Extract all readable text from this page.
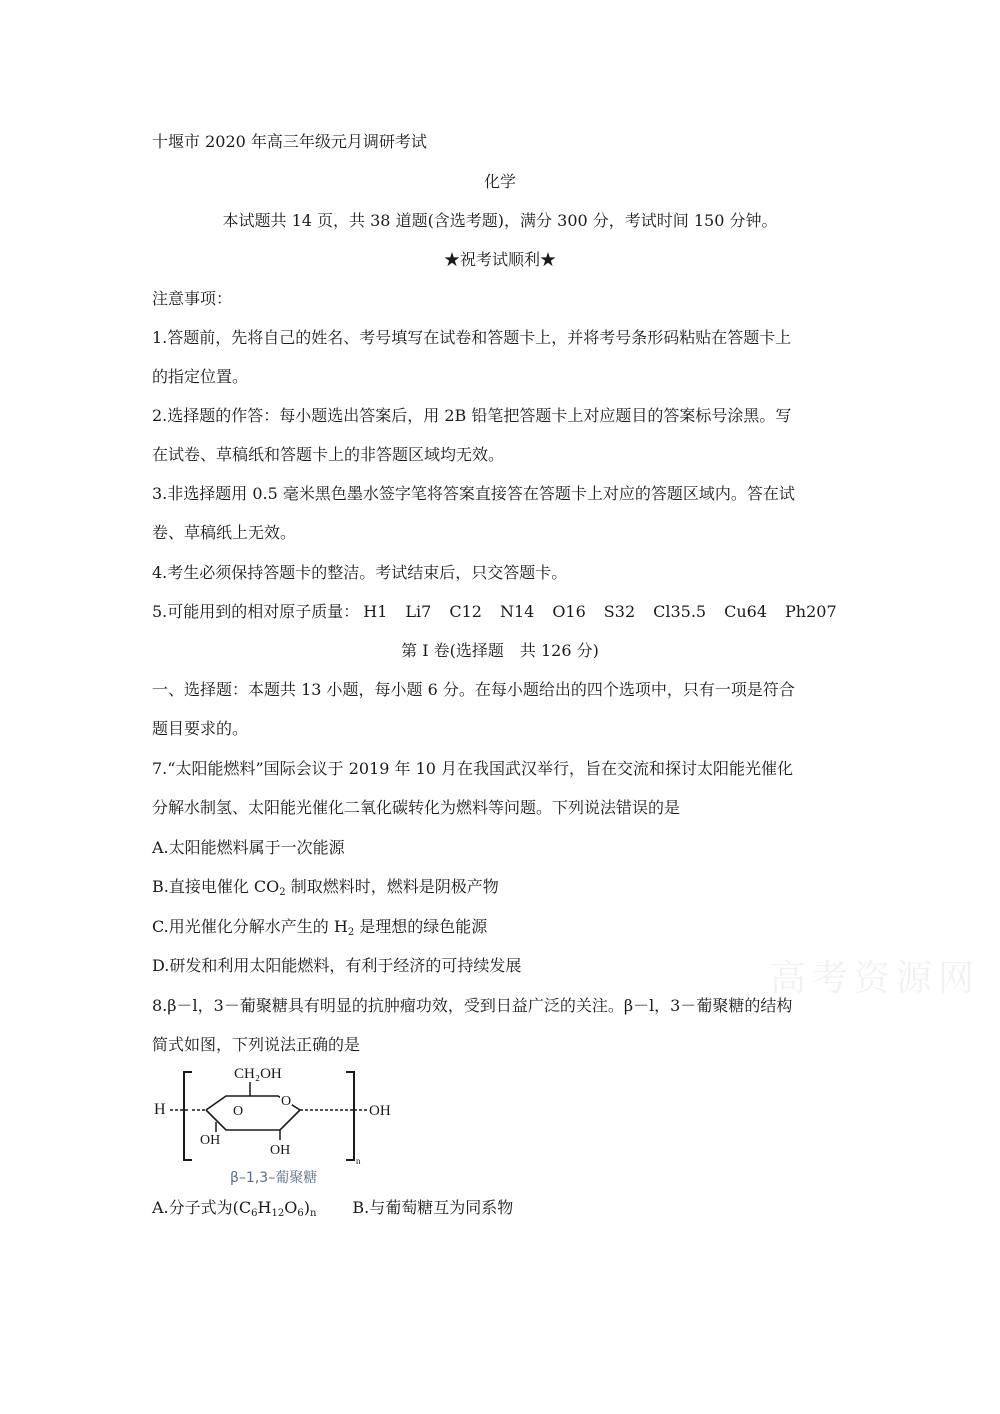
高考资源网
十堰市 2020 年高三年级元月调研考试
化学
本试题共 14 页，共 38 道题(含选考题)，满分 300 分，考试时间 150 分钟。
★祝考试顺利★
注意事项：
1.答题前，先将自己的姓名、考号填写在试卷和答题卡上，并将考号条形码粘贴在答题卡上
的指定位置。
2.选择题的作答：每小题选出答案后，用 2B 铅笔把答题卡上对应题目的答案标号涂黑。写
在试卷、草稿纸和答题卡上的非答题区域均无效。
3.非选择题用 0.5 毫米黑色墨水签字笔将答案直接答在答题卡上对应的答题区域内。答在试
卷、草稿纸上无效。
4.考生必须保持答题卡的整洁。考试结束后，只交答题卡。
5.可能用到的相对原子质量： H1 Li7 C12 N14 O16 S32 Cl35.5 Cu64 Ph207
第 I 卷(选择题　共 126 分)
一、选择题：本题共 13 小题，每小题 6 分。在每小题给出的四个选项中，只有一项是符合
题目要求的。
7.“太阳能燃料”国际会议于 2019 年 10 月在我国武汉举行，旨在交流和探讨太阳能光催化
分解水制氢、太阳能光催化二氧化碳转化为燃料等问题。下列说法错误的是
A.太阳能燃料属于一次能源
B.直接电催化 $CO_2$ 制取燃料时，燃料是阴极产物
C.用光催化分解水产生的 $H_2$ 是理想的绿色能源
D.研发和利用太阳能燃料，有利于经济的可持续发展
8.β－l，3－葡聚糖具有明显的抗肿瘤功效，受到日益广泛的关注。β－l，3－葡聚糖的结构
简式如图，下列说法正确的是
H	O
O
CH₂OH
OH
OH
n
OH
β–1,3–葡聚糖
A.分子式为$(C_6H_{12}O_6)_n$ B.与葡萄糖互为同系物
